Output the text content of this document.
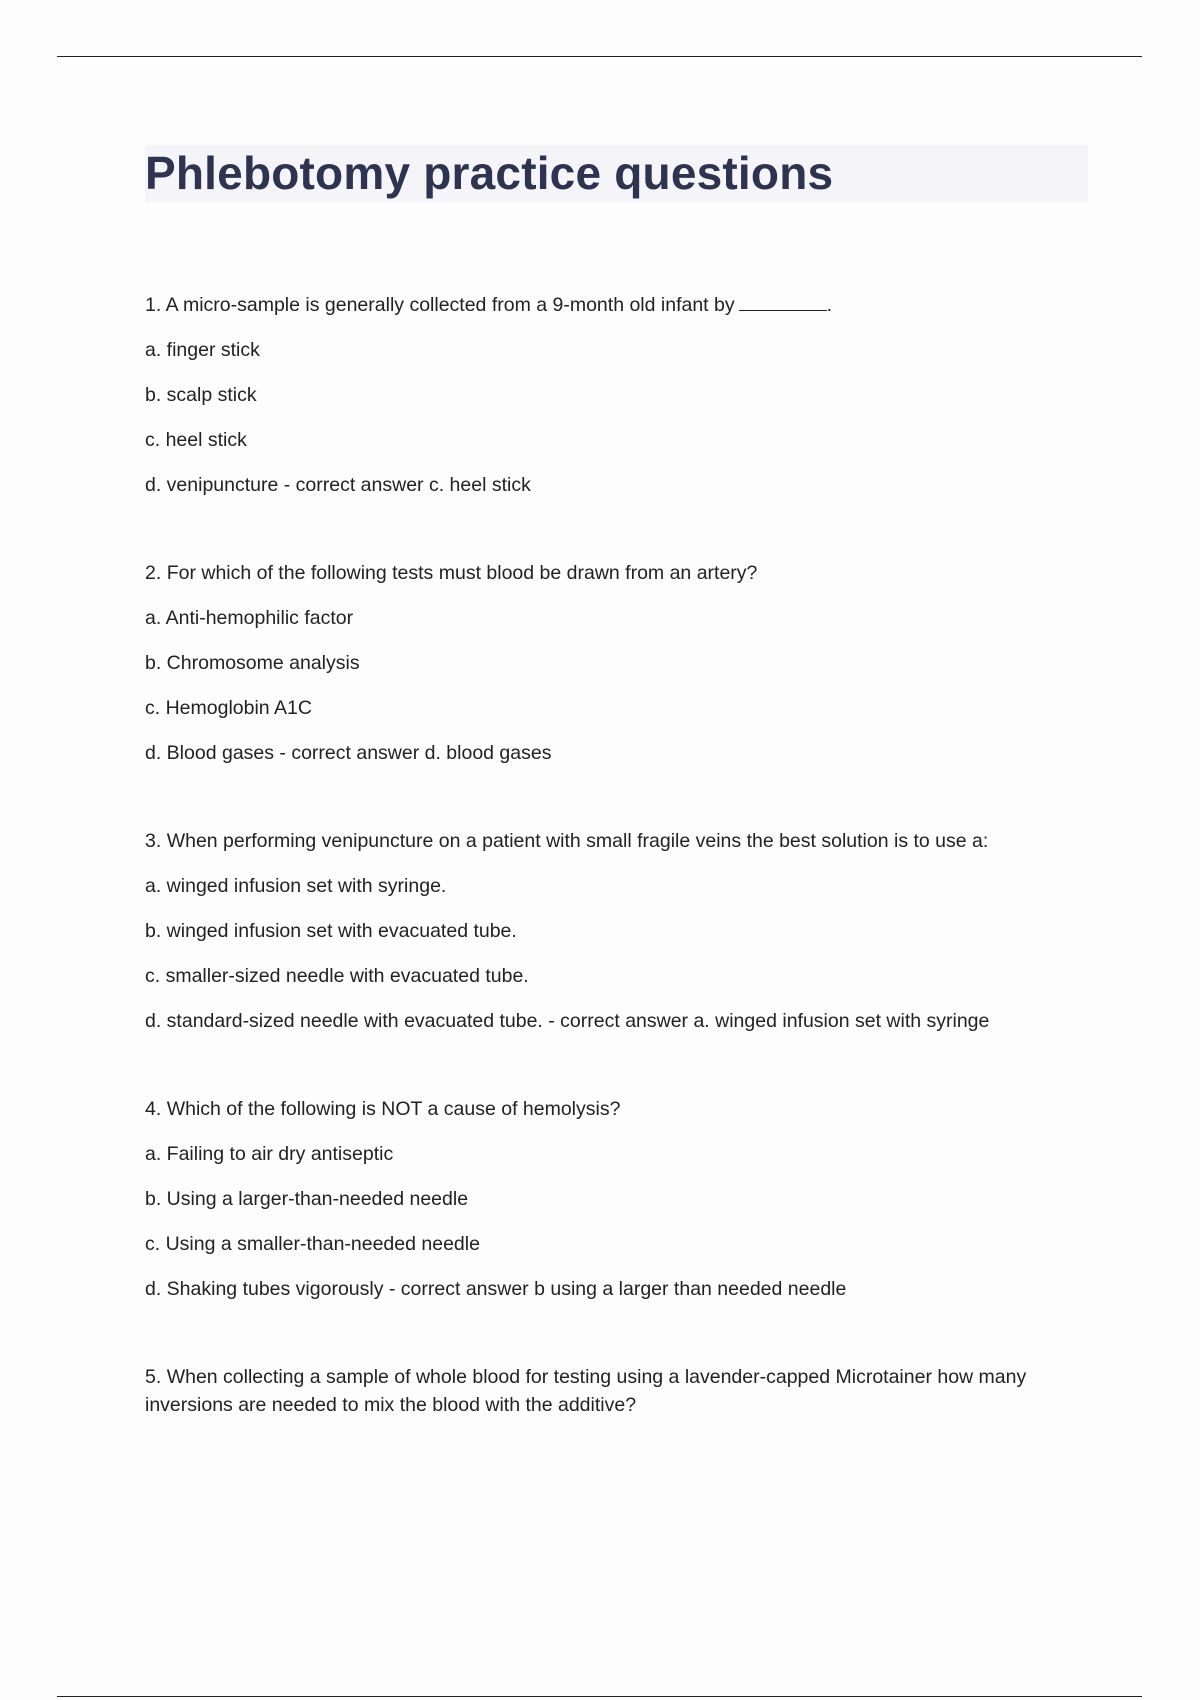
Phlebotomy practice questions

1. A micro-sample is generally collected from a 9-month old infant by	.

a. finger stick
b. scalp stick
c. heel stick
d. venipuncture - correct answer c. heel stick

2. For which of the following tests must blood be drawn from an artery?

a. Anti-hemophilic factor
b. Chromosome analysis
c. Hemoglobin A1C
d. Blood gases - correct answer d. blood gases

3. When performing venipuncture on a patient with small fragile veins the best solution is to use a:

a. winged infusion set with syringe.
b. winged infusion set with evacuated tube.
c. smaller-sized needle with evacuated tube.
d. standard-sized needle with evacuated tube. - correct answer a. winged infusion set with syringe

4. Which of the following is NOT a cause of hemolysis?

a. Failing to air dry antiseptic
b. Using a larger-than-needed needle
c. Using a smaller-than-needed needle
d. Shaking tubes vigorously - correct answer b using a larger than needed needle

5. When collecting a sample of whole blood for testing using a lavender-capped Microtainer how many inversions are needed to mix the blood with the additive?
